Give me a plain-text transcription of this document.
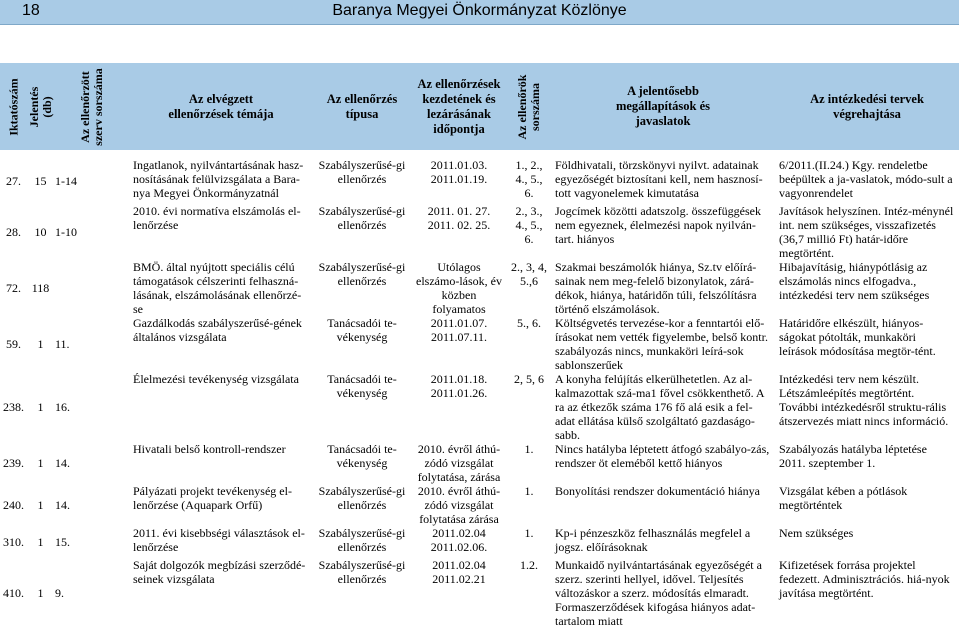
18	Baranya Megyei Önkormányzat Közlönye
Iktatószám	Jelentés (db)	Az ellenőrzött szerv sorszáma	Az elvégzett ellenőrzések témája	Az ellenőrzés típusa	Az ellenőrzések kezdetének és lezárásának időpontja	Az ellenőrök sorszáma	A jelentősebb megállapítások és javaslatok	Az intézkedési tervek végrehajtása

27.	15	1-14	Ingatlanok, nyilvántartásának hasz-nosításának felülvizsgálata a Bara-nya Megyei Önkormányzatnál	Szabályszerűsé-gi ellenőrzés	2011.01.03. 2011.01.19.	1., 2., 4., 5., 6.	Földhivatali, törzskönyvi nyilvt. adatainak egyezőségét biztosítani kell, nem hasznosí-tott vagyonelemek kimutatása	6/2011.(II.24.) Kgy. rendeletbe beépültek a ja-vaslatok, módo-sult a vagyonrendelet
28.	10	1-10	2010. évi normatíva elszámolás el-lenőrzése	Szabályszerűsé-gi ellenőrzés	2011. 01. 27. 2011. 02. 25.	2., 3., 4., 5., 6.	Jogcímek közötti adatszolg. összefüggések nem egyeznek, élelmezési napok nyilván-tart. hiányos	Javítások helyszínen. Intéz-ménynél int. nem szükséges, visszafizetés (36,7 millió Ft) határ-időre megtörtént.
72.	118		BMÖ. által nyújtott speciális célú támogatások célszerinti felhaszná-lásának, elszámolásának ellenőrzé-se	Szabályszerűsé-gi ellenőrzés	Utólagos elszámo-lások, év közben folyamatos	2., 3, 4, 5.,6	Szakmai beszámolók hiánya, Sz.tv előírá-sainak nem meg-felelő bizonylatok, zárá-dékok, hiánya, határidőn túli, felszólításra történő elszámolások.	Hibajavításig, hiánypótlásig az elszámolás nincs elfogadva., intézkedési terv nem szükséges
59.	1	11.	Gazdálkodás szabályszerűsé-gének általános vizsgálata	Tanácsadói te-vékenység	2011.01.07. 2011.07.11.	5., 6.	Költségvetés tervezése-kor a fenntartói elő-írásokat nem vették figyelembe, belső kontr. szabályozás nincs, munkaköri leírá-sok sablonszerűek	Határidőre elkészült, hiányos-ságokat pótolták, munkaköri leírások módosítása megtör-tént.
238.	1	16.	Élelmezési tevékenység vizsgálata	Tanácsadói te-vékenység	2011.01.18. 2011.01.26.	2, 5, 6	A konyha felújítás elkerülhetetlen. Az al-kalmazottak szá-ma1 fővel csökkenthető. A ra az étkezők száma 176 fő alá esik a fel-adat ellátása külső szolgáltató gazdaságo-sabb.	Intézkedési terv nem készült. Létszámleépítés megtörtént. További intézkedésről struktu-rális átszervezés miatt nincs információ.
239.	1	14.	Hivatali belső kontroll-rendszer	Tanácsadói te-vékenység	2010. évről áthú-zódó vizsgálat folytatása, zárása	1.	Nincs hatályba léptetett átfogó szabályo-zás, rendszer öt eleméből kettő hiányos	Szabályozás hatályba léptetése 2011. szeptember 1.
240.	1	14.	Pályázati projekt tevékenység el-lenőrzése (Aquapark Orfű)	Szabályszerűsé-gi ellenőrzés	2010. évről áthú-zódó vizsgálat folytatása zárása	1.	Bonyolítási rendszer dokumentáció hiánya	Vizsgálat kében a pótlások megtörténtek
310.	1	15.	2011. évi kisebbségi választások el-lenőrzése	Szabályszerűsé-gi ellenőrzés	2011.02.04 2011.02.06.	1.	Kp-i pénzeszköz felhasználás megfelel a jogsz. előírásoknak	Nem szükséges
410.	1	9.	Saját dolgozók megbízási szerződé-seinek vizsgálata	Szabályszerűsé-gi ellenőrzés	2011.02.04 2011.02.21	1.2.	Munkaidő nyilvántartásának egyezőségét a szerz. szerinti hellyel, idővel. Teljesítés változáskor a szerz. módosítás elmaradt. Formaszerződések kifogása hiányos adat-tartalom miatt	Kifizetések forrása projektel fedezett. Adminisztrációs. hiá-nyok javítása megtörtént.
